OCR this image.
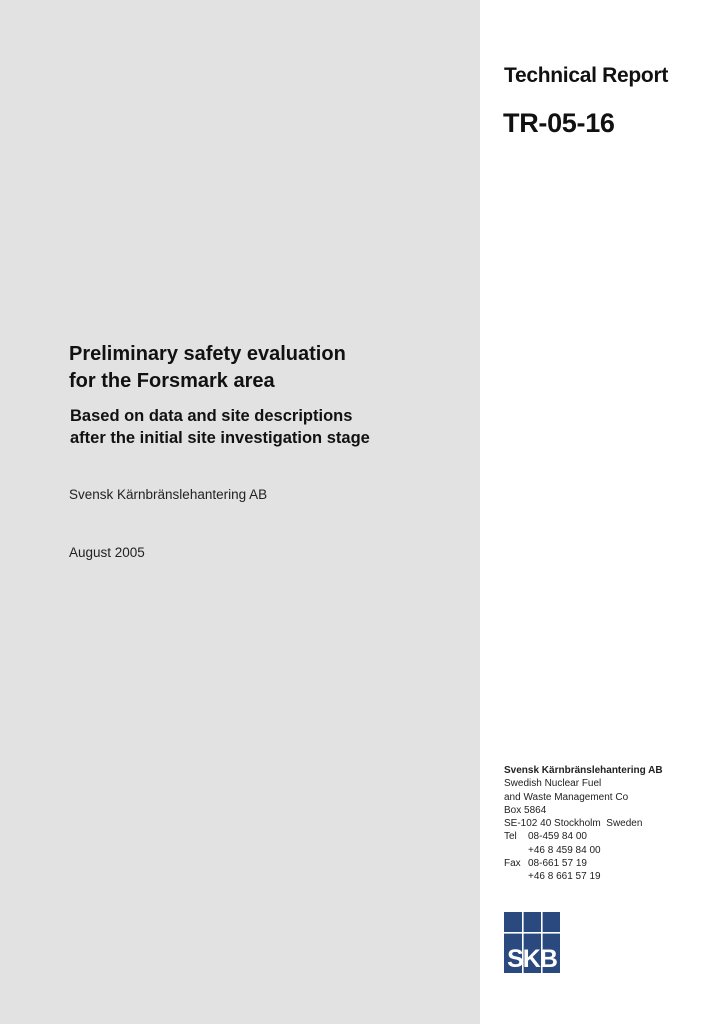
Technical Report
TR-05-16
Preliminary safety evaluation
for the Forsmark area
Based on data and site descriptions
after the initial site investigation stage
Svensk Kärnbränslehantering AB
August 2005
Svensk Kärnbränslehantering AB
Swedish Nuclear Fuel
and Waste Management Co
Box 5864
SE-102 40 Stockholm  Sweden
Tel	08-459 84 00
+46 8 459 84 00
Fax 08-661 57 19
+46 8 661 57 19
SKB
